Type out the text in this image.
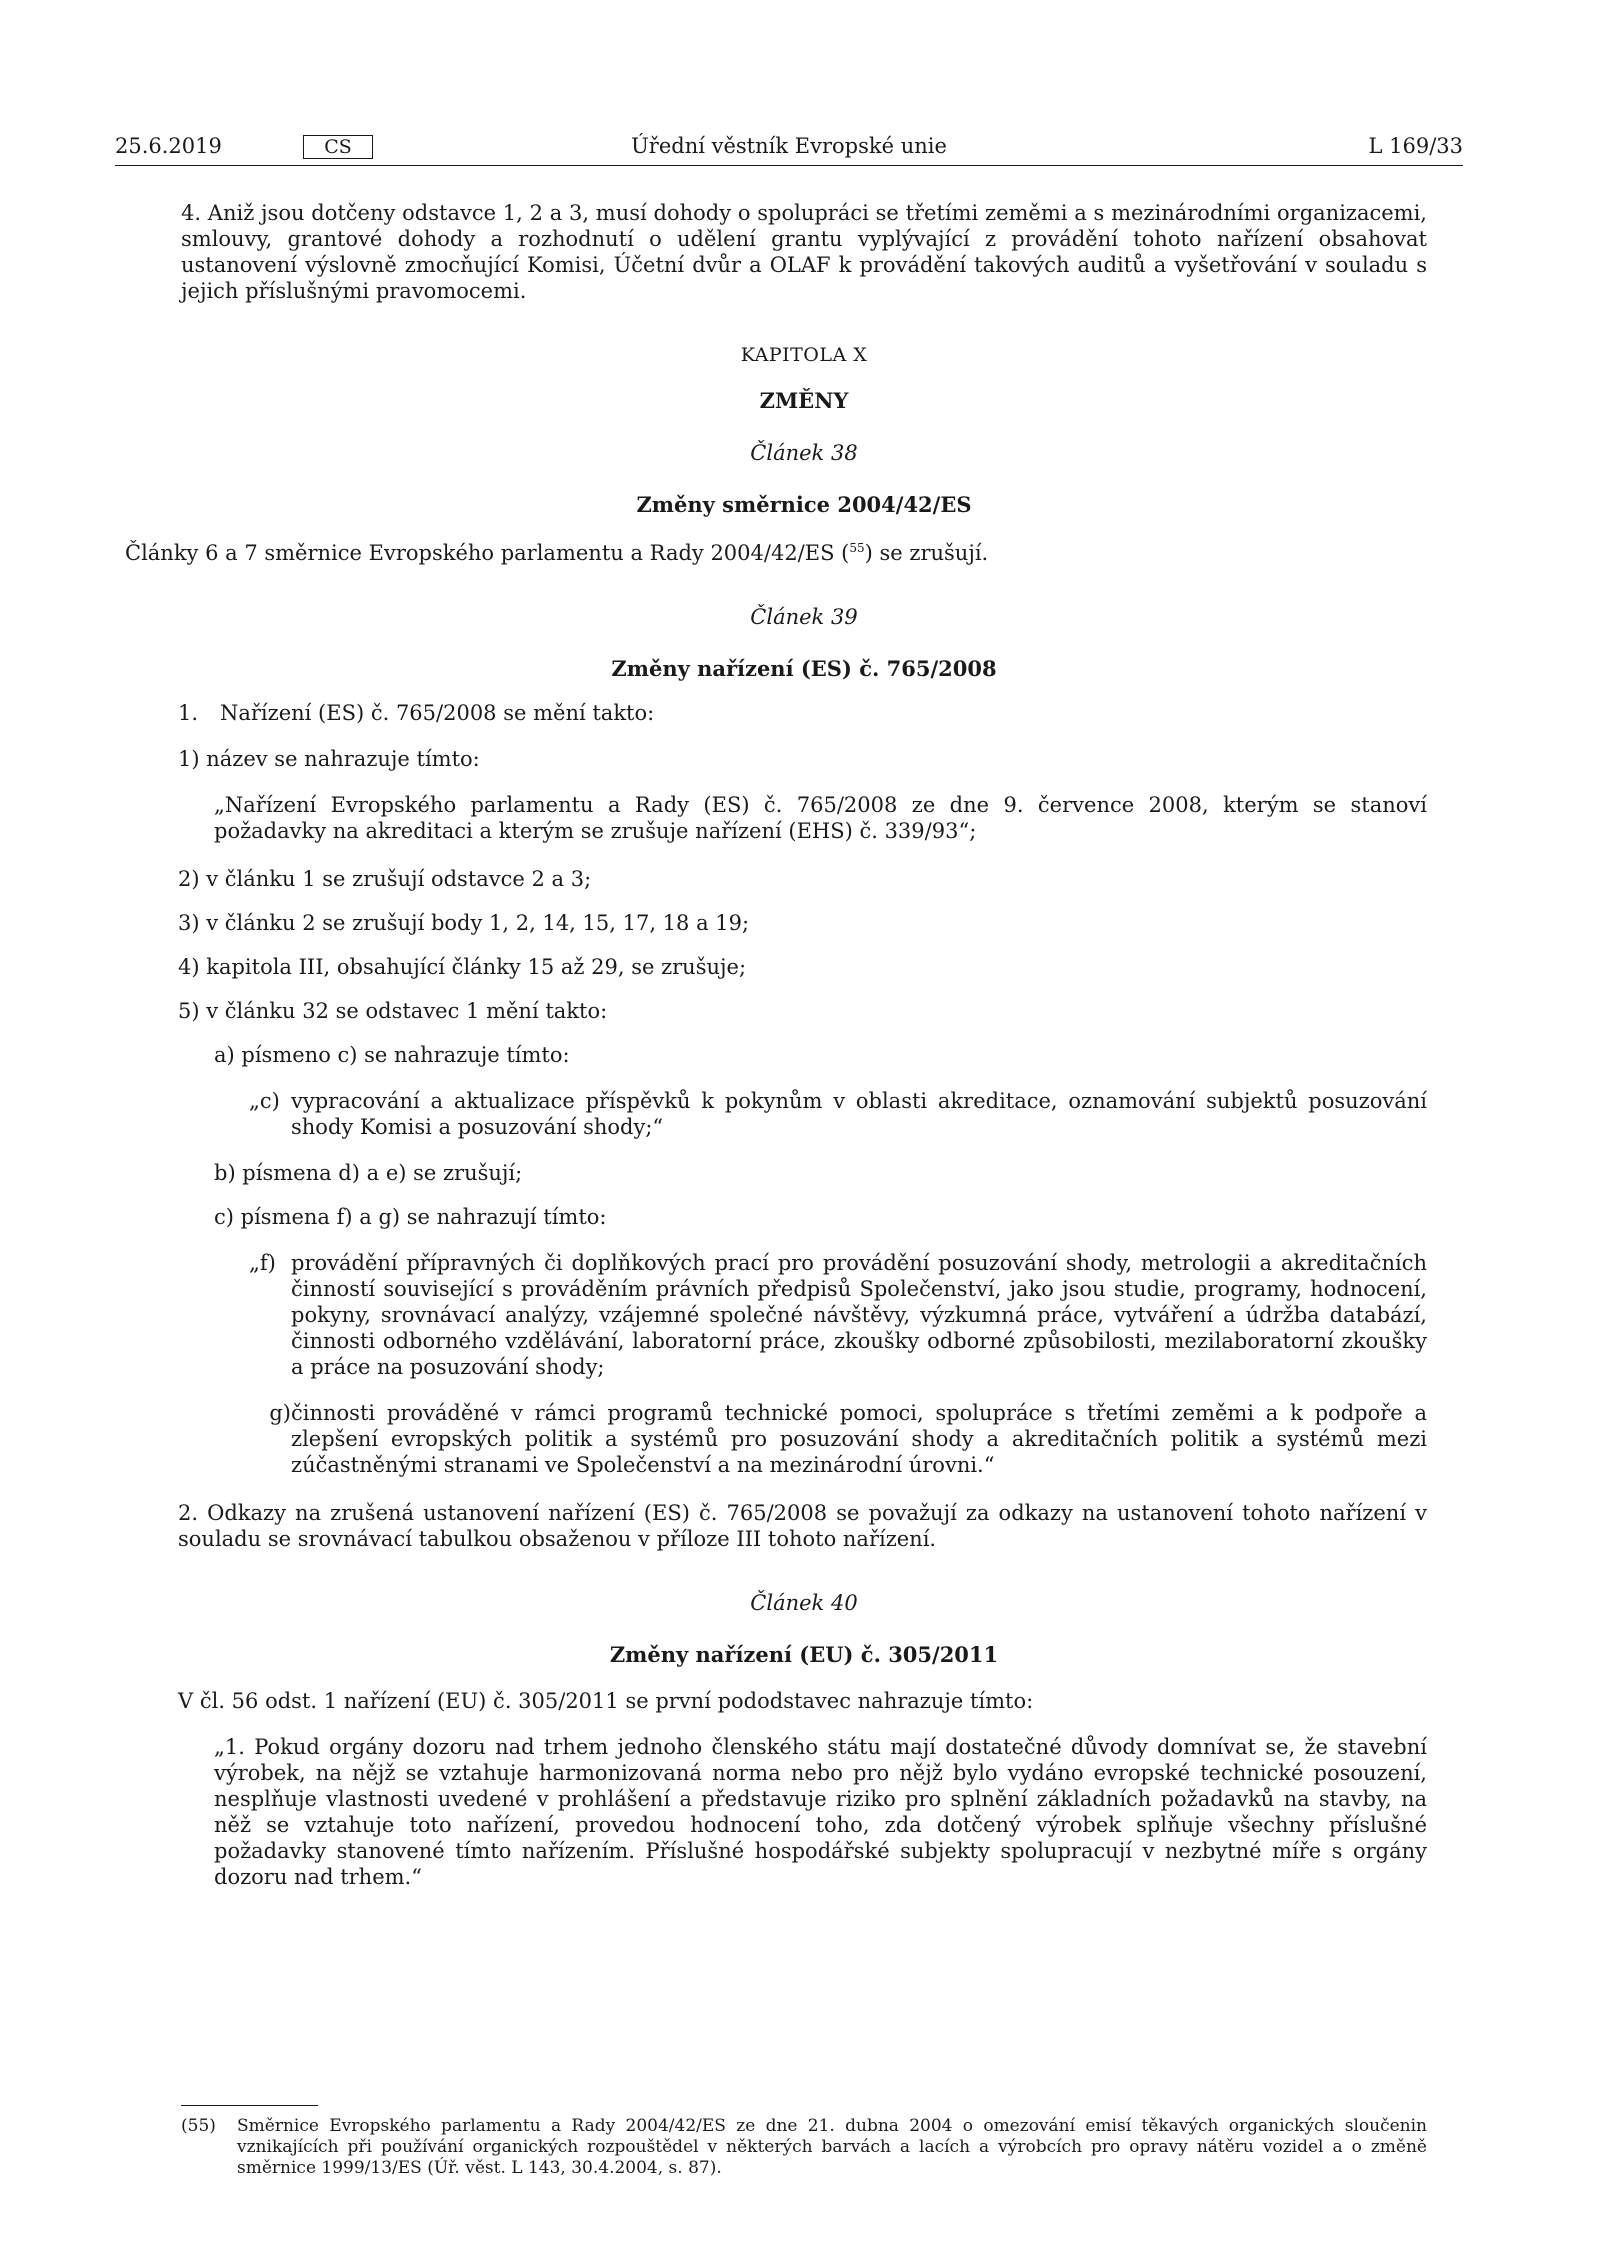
25.6.2019	CS	Úřední věstník Evropské unie	L 169/33

4. Aniž jsou dotčeny odstavce 1, 2 a 3, musí dohody o spolupráci se třetími zeměmi a s mezinárodními organizacemi, smlouvy, grantové dohody a rozhodnutí o udělení grantu vyplývající z provádění tohoto nařízení obsahovat ustanovení výslovně zmocňující Komisi, Účetní dvůr a OLAF k provádění takových auditů a vyšetřování v souladu s jejich příslušnými pravomocemi.

KAPITOLA X

ZMĚNY

Článek 38

Změny směrnice 2004/42/ES

Články 6 a 7 směrnice Evropského parlamentu a Rady 2004/42/ES ($^{55}$) se zrušují.

Článek 39

Změny nařízení (ES) č. 765/2008

1. Nařízení (ES) č. 765/2008 se mění takto:

1) název se nahrazuje tímto:

„Nařízení Evropského parlamentu a Rady (ES) č. 765/2008 ze dne 9. července 2008, kterým se stanoví požadavky na akreditaci a kterým se zrušuje nařízení (EHS) č. 339/93“;

2) v článku 1 se zrušují odstavce 2 a 3;

3) v článku 2 se zrušují body 1, 2, 14, 15, 17, 18 a 19;

4) kapitola III, obsahující články 15 až 29, se zrušuje;

5) v článku 32 se odstavec 1 mění takto:

a) písmeno c) se nahrazuje tímto:

„c) vypracování a aktualizace příspěvků k pokynům v oblasti akreditace, oznamování subjektů posuzování shody Komisi a posuzování shody;“

b) písmena d) a e) se zrušují;

c) písmena f) a g) se nahrazují tímto:

„f) provádění přípravných či doplňkových prací pro provádění posuzování shody, metrologii a akreditačních činností související s prováděním právních předpisů Společenství, jako jsou studie, programy, hodnocení, pokyny, srovnávací analýzy, vzájemné společné návštěvy, výzkumná práce, vytváření a údržba databází, činnosti odborného vzdělávání, laboratorní práce, zkoušky odborné způsobilosti, mezilaboratorní zkoušky a práce na posuzování shody;
g) činnosti prováděné v rámci programů technické pomoci, spolupráce s třetími zeměmi a k podpoře a zlepšení evropských politik a systémů pro posuzování shody a akreditačních politik a systémů mezi zúčastněnými stranami ve Společenství a na mezinárodní úrovni.“

2. Odkazy na zrušená ustanovení nařízení (ES) č. 765/2008 se považují za odkazy na ustanovení tohoto nařízení v souladu se srovnávací tabulkou obsaženou v příloze III tohoto nařízení.

Článek 40

Změny nařízení (EU) č. 305/2011

V čl. 56 odst. 1 nařízení (EU) č. 305/2011 se první pododstavec nahrazuje tímto:

„1. Pokud orgány dozoru nad trhem jednoho členského státu mají dostatečné důvody domnívat se, že stavební výrobek, na nějž se vztahuje harmonizovaná norma nebo pro nějž bylo vydáno evropské technické posouzení, nesplňuje vlastnosti uvedené v prohlášení a představuje riziko pro splnění základních požadavků na stavby, na něž se vztahuje toto nařízení, provedou hodnocení toho, zda dotčený výrobek splňuje všechny příslušné požadavky stanovené tímto nařízením. Příslušné hospodářské subjekty spolupracují v nezbytné míře s orgány dozoru nad trhem.“

(55)	Směrnice Evropského parlamentu a Rady 2004/42/ES ze dne 21. dubna 2004 o omezování emisí těkavých organických sloučenin vznikajících při používání organických rozpouštědel v některých barvách a lacích a výrobcích pro opravy nátěru vozidel a o změně směrnice 1999/13/ES (Úř. věst. L 143, 30.4.2004, s. 87).
